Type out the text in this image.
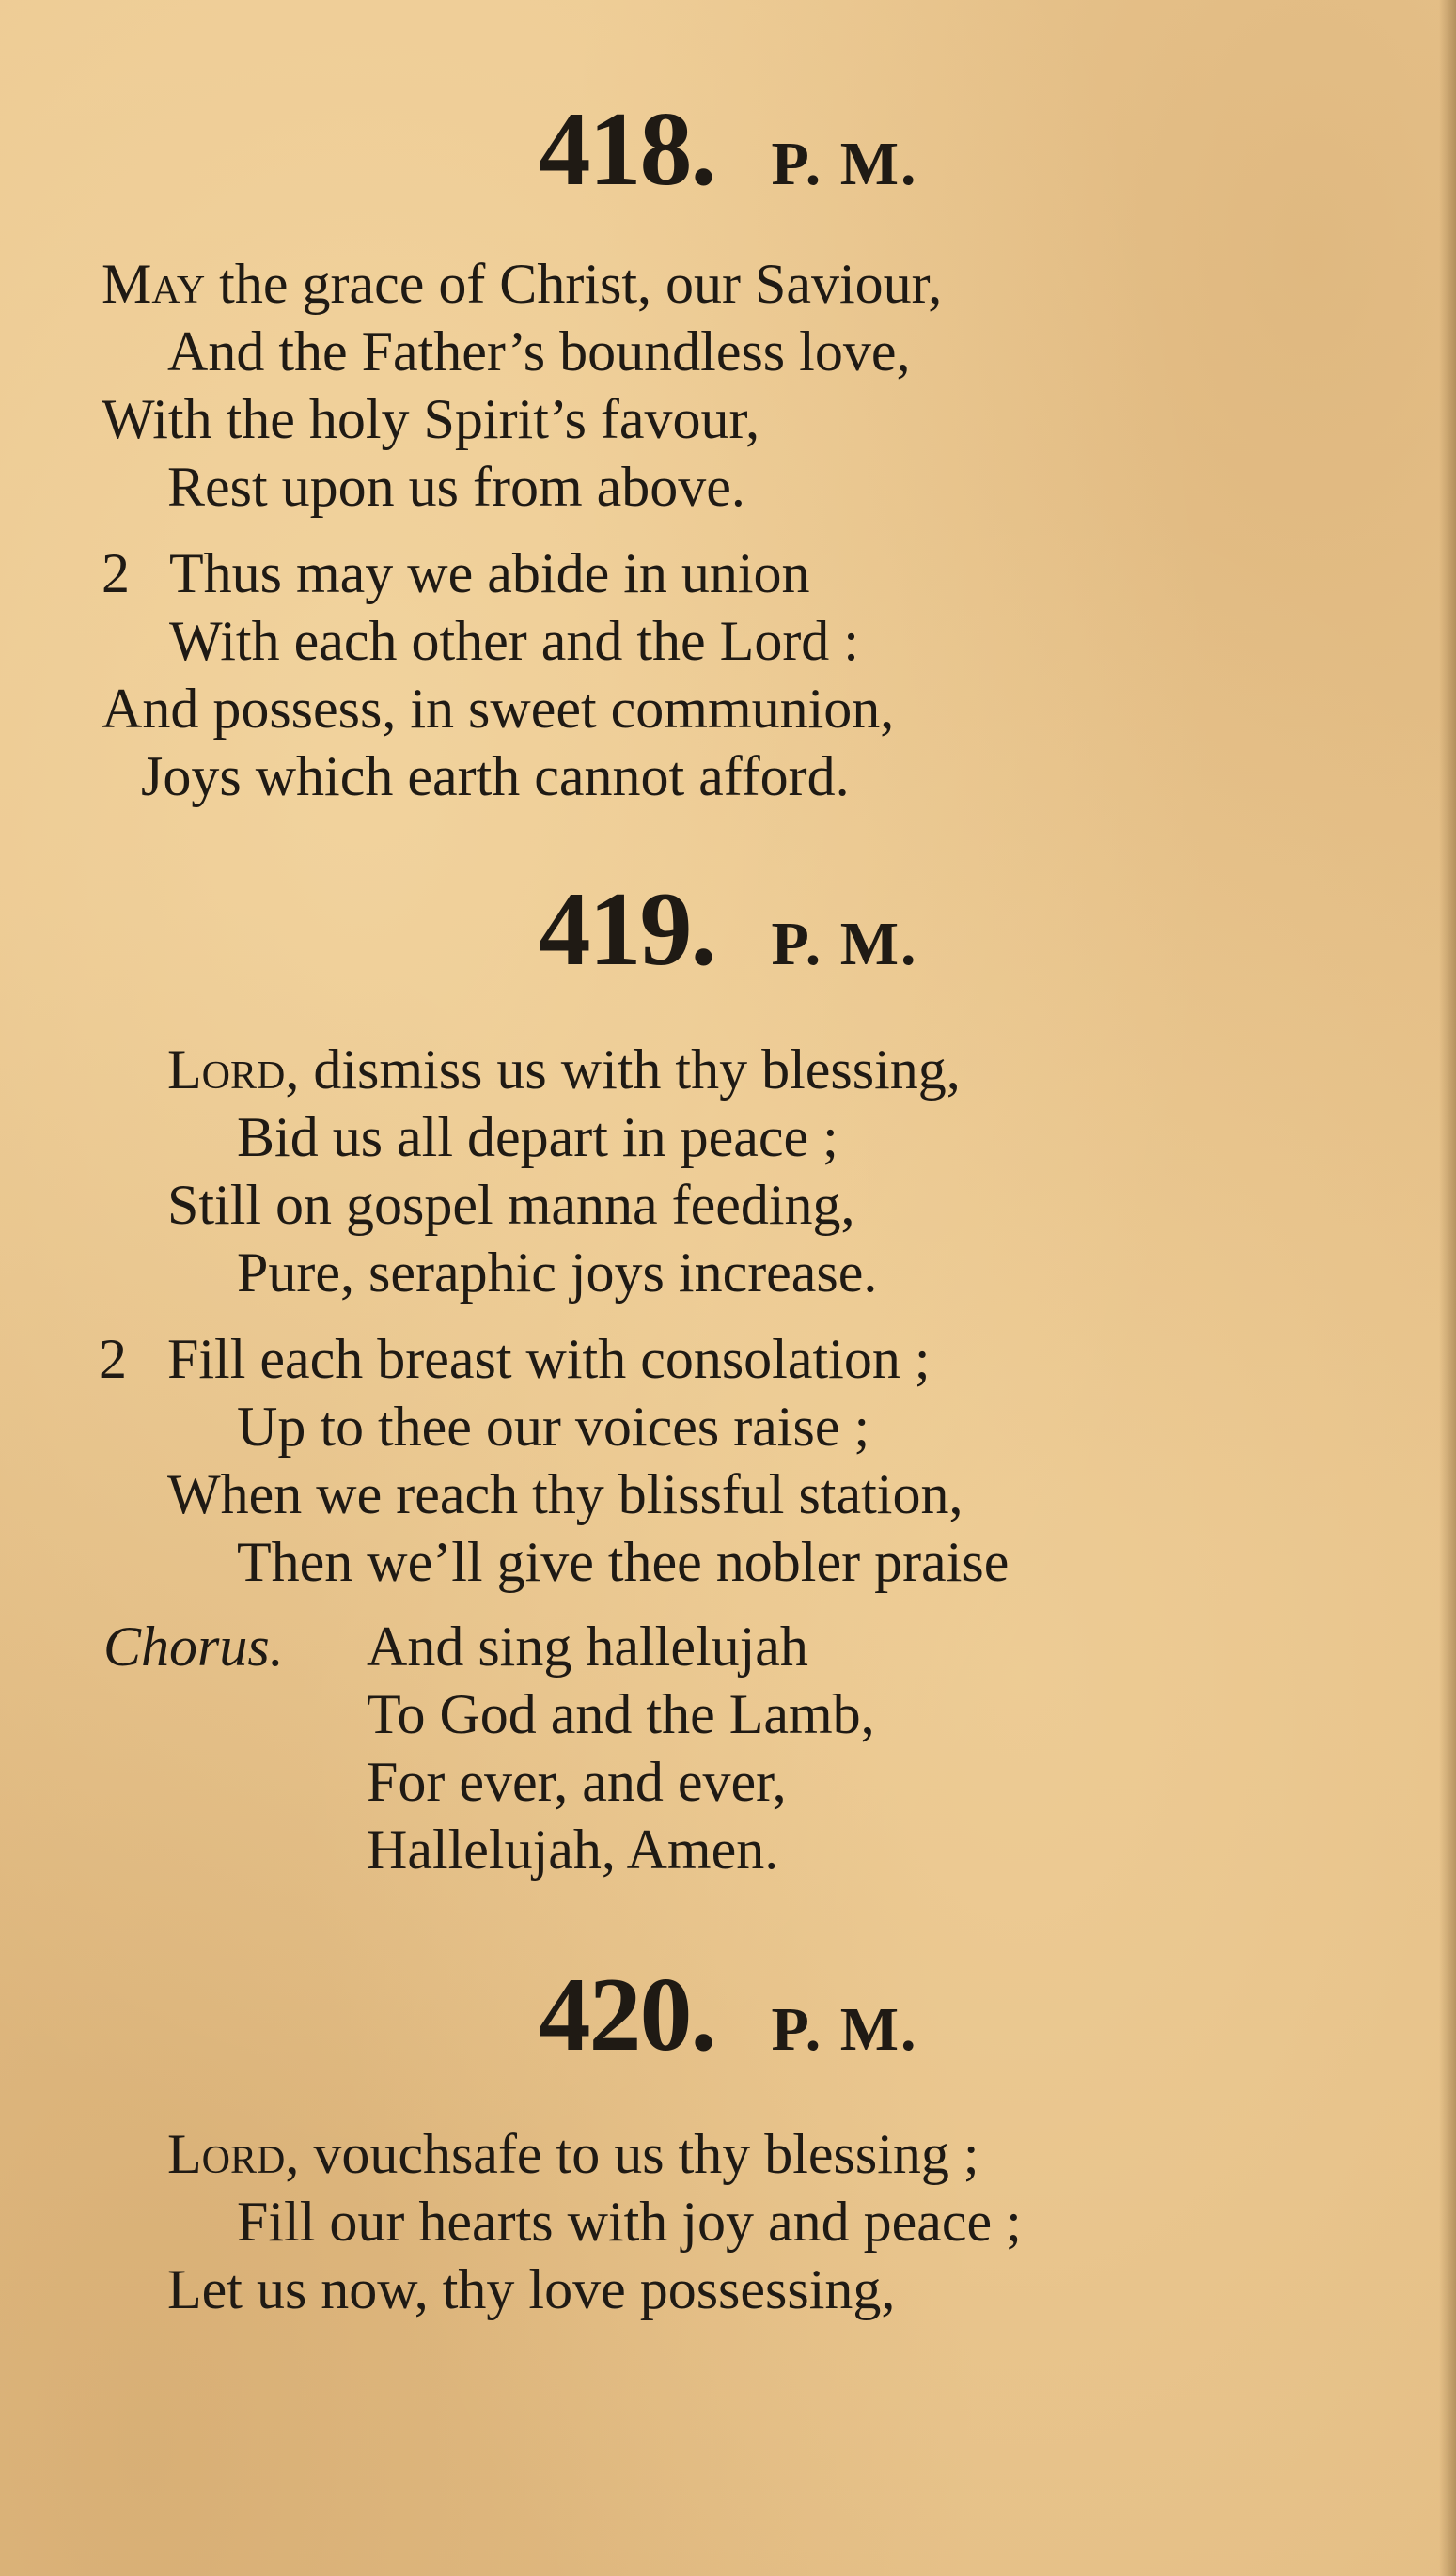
418. P. M.
May the grace of Christ, our Saviour,
And the Father’s boundless love,
With the holy Spirit’s favour,
Rest upon us from above.
2 Thus may we abide in union
With each other and the Lord :
And possess, in sweet communion,
Joys which earth cannot afford.
419. P. M.
Lord, dismiss us with thy blessing,
Bid us all depart in peace ;
Still on gospel manna feeding,
Pure, seraphic joys increase.
2 Fill each breast with consolation ;
Up to thee our voices raise ;
When we reach thy blissful station,
Then we’ll give thee nobler praise
Chorus. And sing hallelujah
To God and the Lamb,
For ever, and ever,
Hallelujah, Amen.
420. P. M.
Lord, vouchsafe to us thy blessing ;
Fill our hearts with joy and peace ;
Let us now, thy love possessing,
